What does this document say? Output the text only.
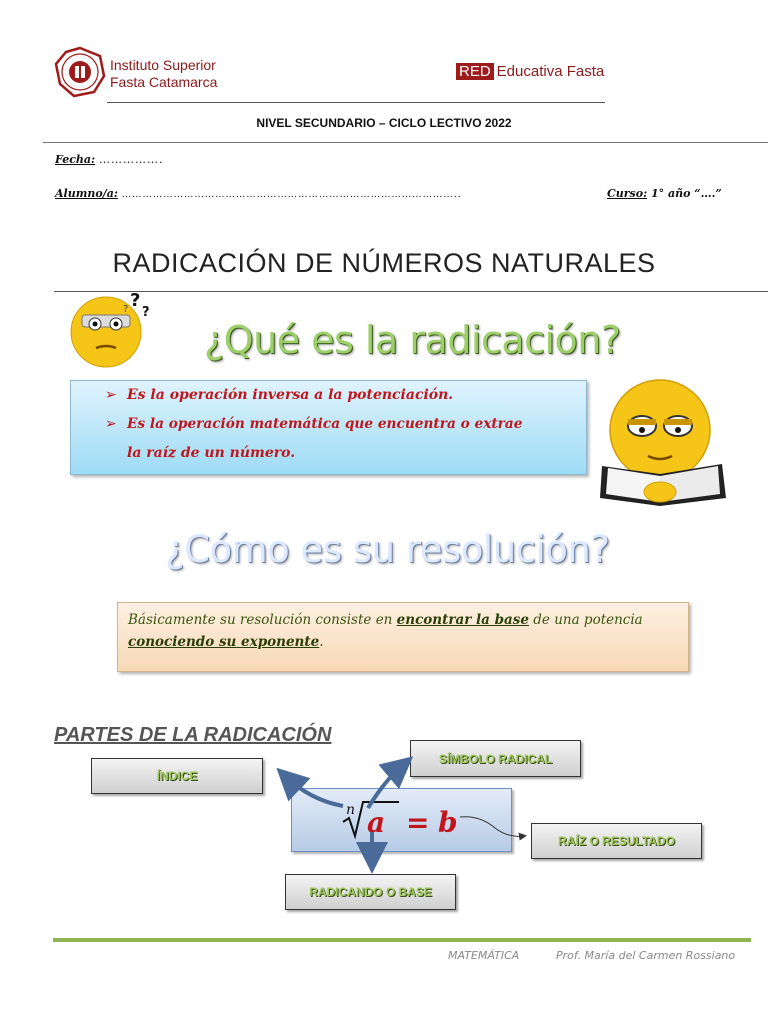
Instituto Superior
Fasta Catamarca
RED Educativa Fasta
NIVEL SECUNDARIO – CICLO LECTIVO 2022
Fecha: …………….
Alumno/a: ……………………………………………………………………………………..	Curso: 1° año “….”
RADICACIÓN DE NÚMEROS NATURALES
?
?
?
¿Qué es la radicación?
➢ Es la operación inversa a la potenciación.
➢ Es la operación matemática que encuentra o extrae
la raíz de un número.
¿Cómo es su resolución?
Básicamente su resolución consiste en encontrar la base de una potencia conociendo su exponente.
PARTES DE LA RADICACIÓN
ÍNDICE
SÍMBOLO RADICAL
RAÍZ O RESULTADO
RADICANDO O BASE
n a = b
MATEMÁTICA	Prof. María del Carmen Rossiano
